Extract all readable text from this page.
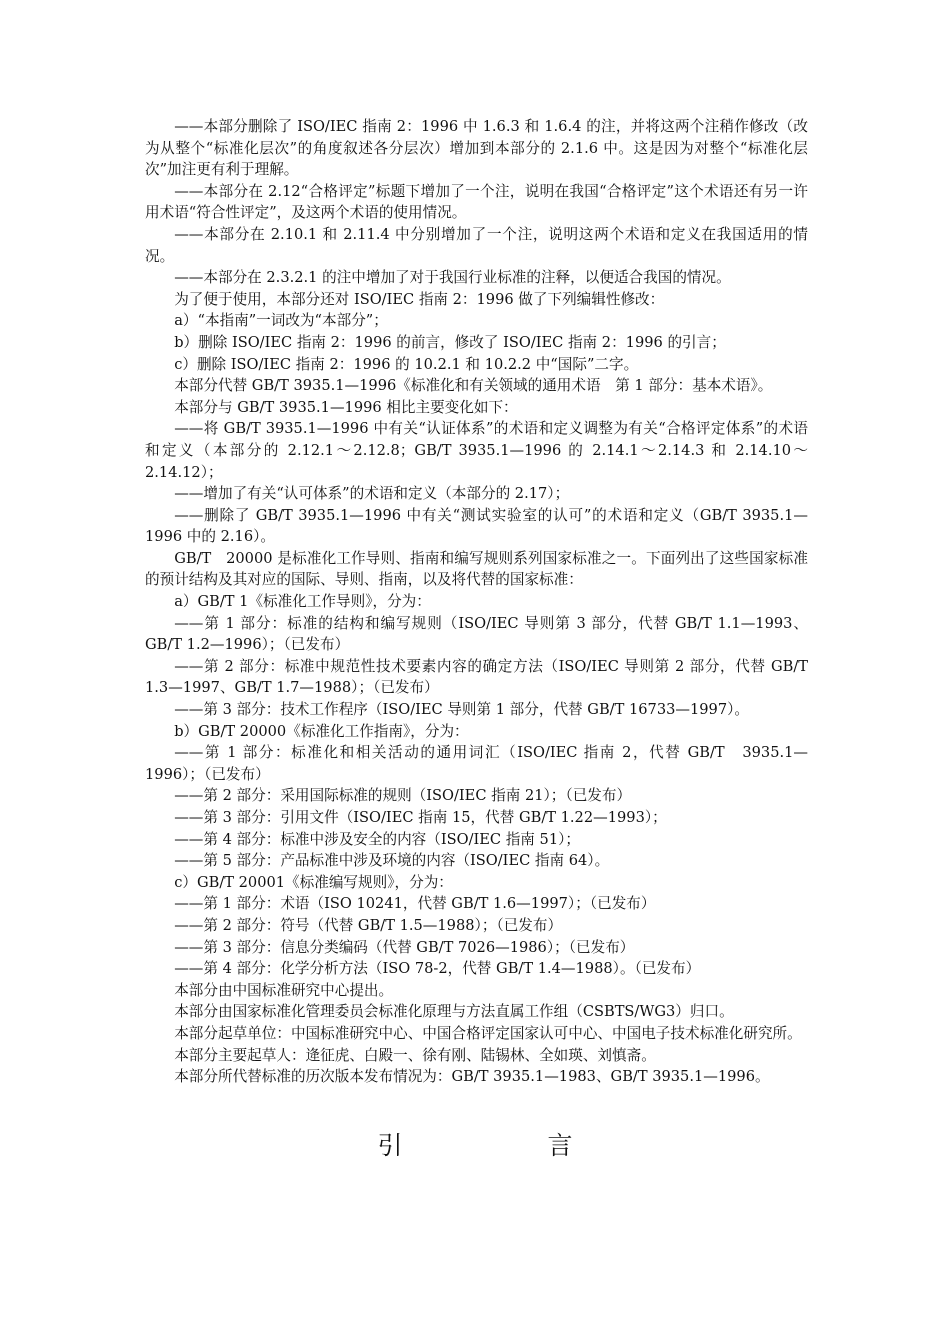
——本部分删除了 ISO/IEC 指南 2：1996 中 1.6.3 和 1.6.4 的注，并将这两个注稍作修改（改为从整个“标准化层次”的角度叙述各分层次）增加到本部分的 2.1.6 中。这是因为对整个“标准化层次”加注更有利于理解。

——本部分在 2.12“合格评定”标题下增加了一个注，说明在我国“合格评定”这个术语还有另一许用术语“符合性评定”，及这两个术语的使用情况。

——本部分在 2.10.1 和 2.11.4 中分别增加了一个注，说明这两个术语和定义在我国适用的情况。

——本部分在 2.3.2.1 的注中增加了对于我国行业标准的注释，以便适合我国的情况。

为了便于使用，本部分还对 ISO/IEC 指南 2：1996 做了下列编辑性修改：

a）“本指南”一词改为“本部分”；

b）删除 ISO/IEC 指南 2：1996 的前言，修改了 ISO/IEC 指南 2：1996 的引言；

c）删除 ISO/IEC 指南 2：1996 的 10.2.1 和 10.2.2 中“国际”二字。

本部分代替 GB/T 3935.1—1996《标准化和有关领域的通用术语　第 1 部分：基本术语》。

本部分与 GB/T 3935.1—1996 相比主要变化如下：

——将 GB/T 3935.1—1996 中有关“认证体系”的术语和定义调整为有关“合格评定体系”的术语和定义（本部分的 2.12.1～2.12.8；GB/T 3935.1—1996 的 2.14.1～2.14.3 和 2.14.10～2.14.12）；

——增加了有关“认可体系”的术语和定义（本部分的 2.17）；

——删除了 GB/T 3935.1—1996 中有关“测试实验室的认可”的术语和定义（GB/T 3935.1—1996 中的 2.16）。

GB/T　20000 是标准化工作导则、指南和编写规则系列国家标准之一。下面列出了这些国家标准的预计结构及其对应的国际、导则、指南，以及将代替的国家标准：

a）GB/T 1《标准化工作导则》，分为：

——第 1 部分：标准的结构和编写规则（ISO/IEC 导则第 3 部分，代替 GB/T 1.1—1993、GB/T 1.2—1996）；（已发布）

——第 2 部分：标准中规范性技术要素内容的确定方法（ISO/IEC 导则第 2 部分，代替 GB/T 1.3—1997、GB/T 1.7—1988）；（已发布）

——第 3 部分：技术工作程序（ISO/IEC 导则第 1 部分，代替 GB/T 16733—1997）。

b）GB/T 20000《标准化工作指南》，分为：

——第 1 部分：标准化和相关活动的通用词汇（ISO/IEC 指南 2，代替 GB/T　3935.1—1996）；（已发布）

——第 2 部分：采用国际标准的规则（ISO/IEC 指南 21）；（已发布）

——第 3 部分：引用文件（ISO/IEC 指南 15，代替 GB/T 1.22—1993）；

——第 4 部分：标准中涉及安全的内容（ISO/IEC 指南 51）；

——第 5 部分：产品标准中涉及环境的内容（ISO/IEC 指南 64）。

c）GB/T 20001《标准编写规则》，分为：

——第 1 部分：术语（ISO 10241，代替 GB/T 1.6—1997）；（已发布）

——第 2 部分：符号（代替 GB/T 1.5—1988）；（已发布）

——第 3 部分：信息分类编码（代替 GB/T 7026—1986）；（已发布）

——第 4 部分：化学分析方法（ISO 78-2，代替 GB/T 1.4—1988）。（已发布）

本部分由中国标准研究中心提出。

本部分由国家标准化管理委员会标准化原理与方法直属工作组（CSBTS/WG3）归口。

本部分起草单位：中国标准研究中心、中国合格评定国家认可中心、中国电子技术标准化研究所。

本部分主要起草人：逄征虎、白殿一、徐有刚、陆锡林、全如瑛、刘慎斋。

本部分所代替标准的历次版本发布情况为：GB/T 3935.1—1983、GB/T 3935.1—1996。

引　言
